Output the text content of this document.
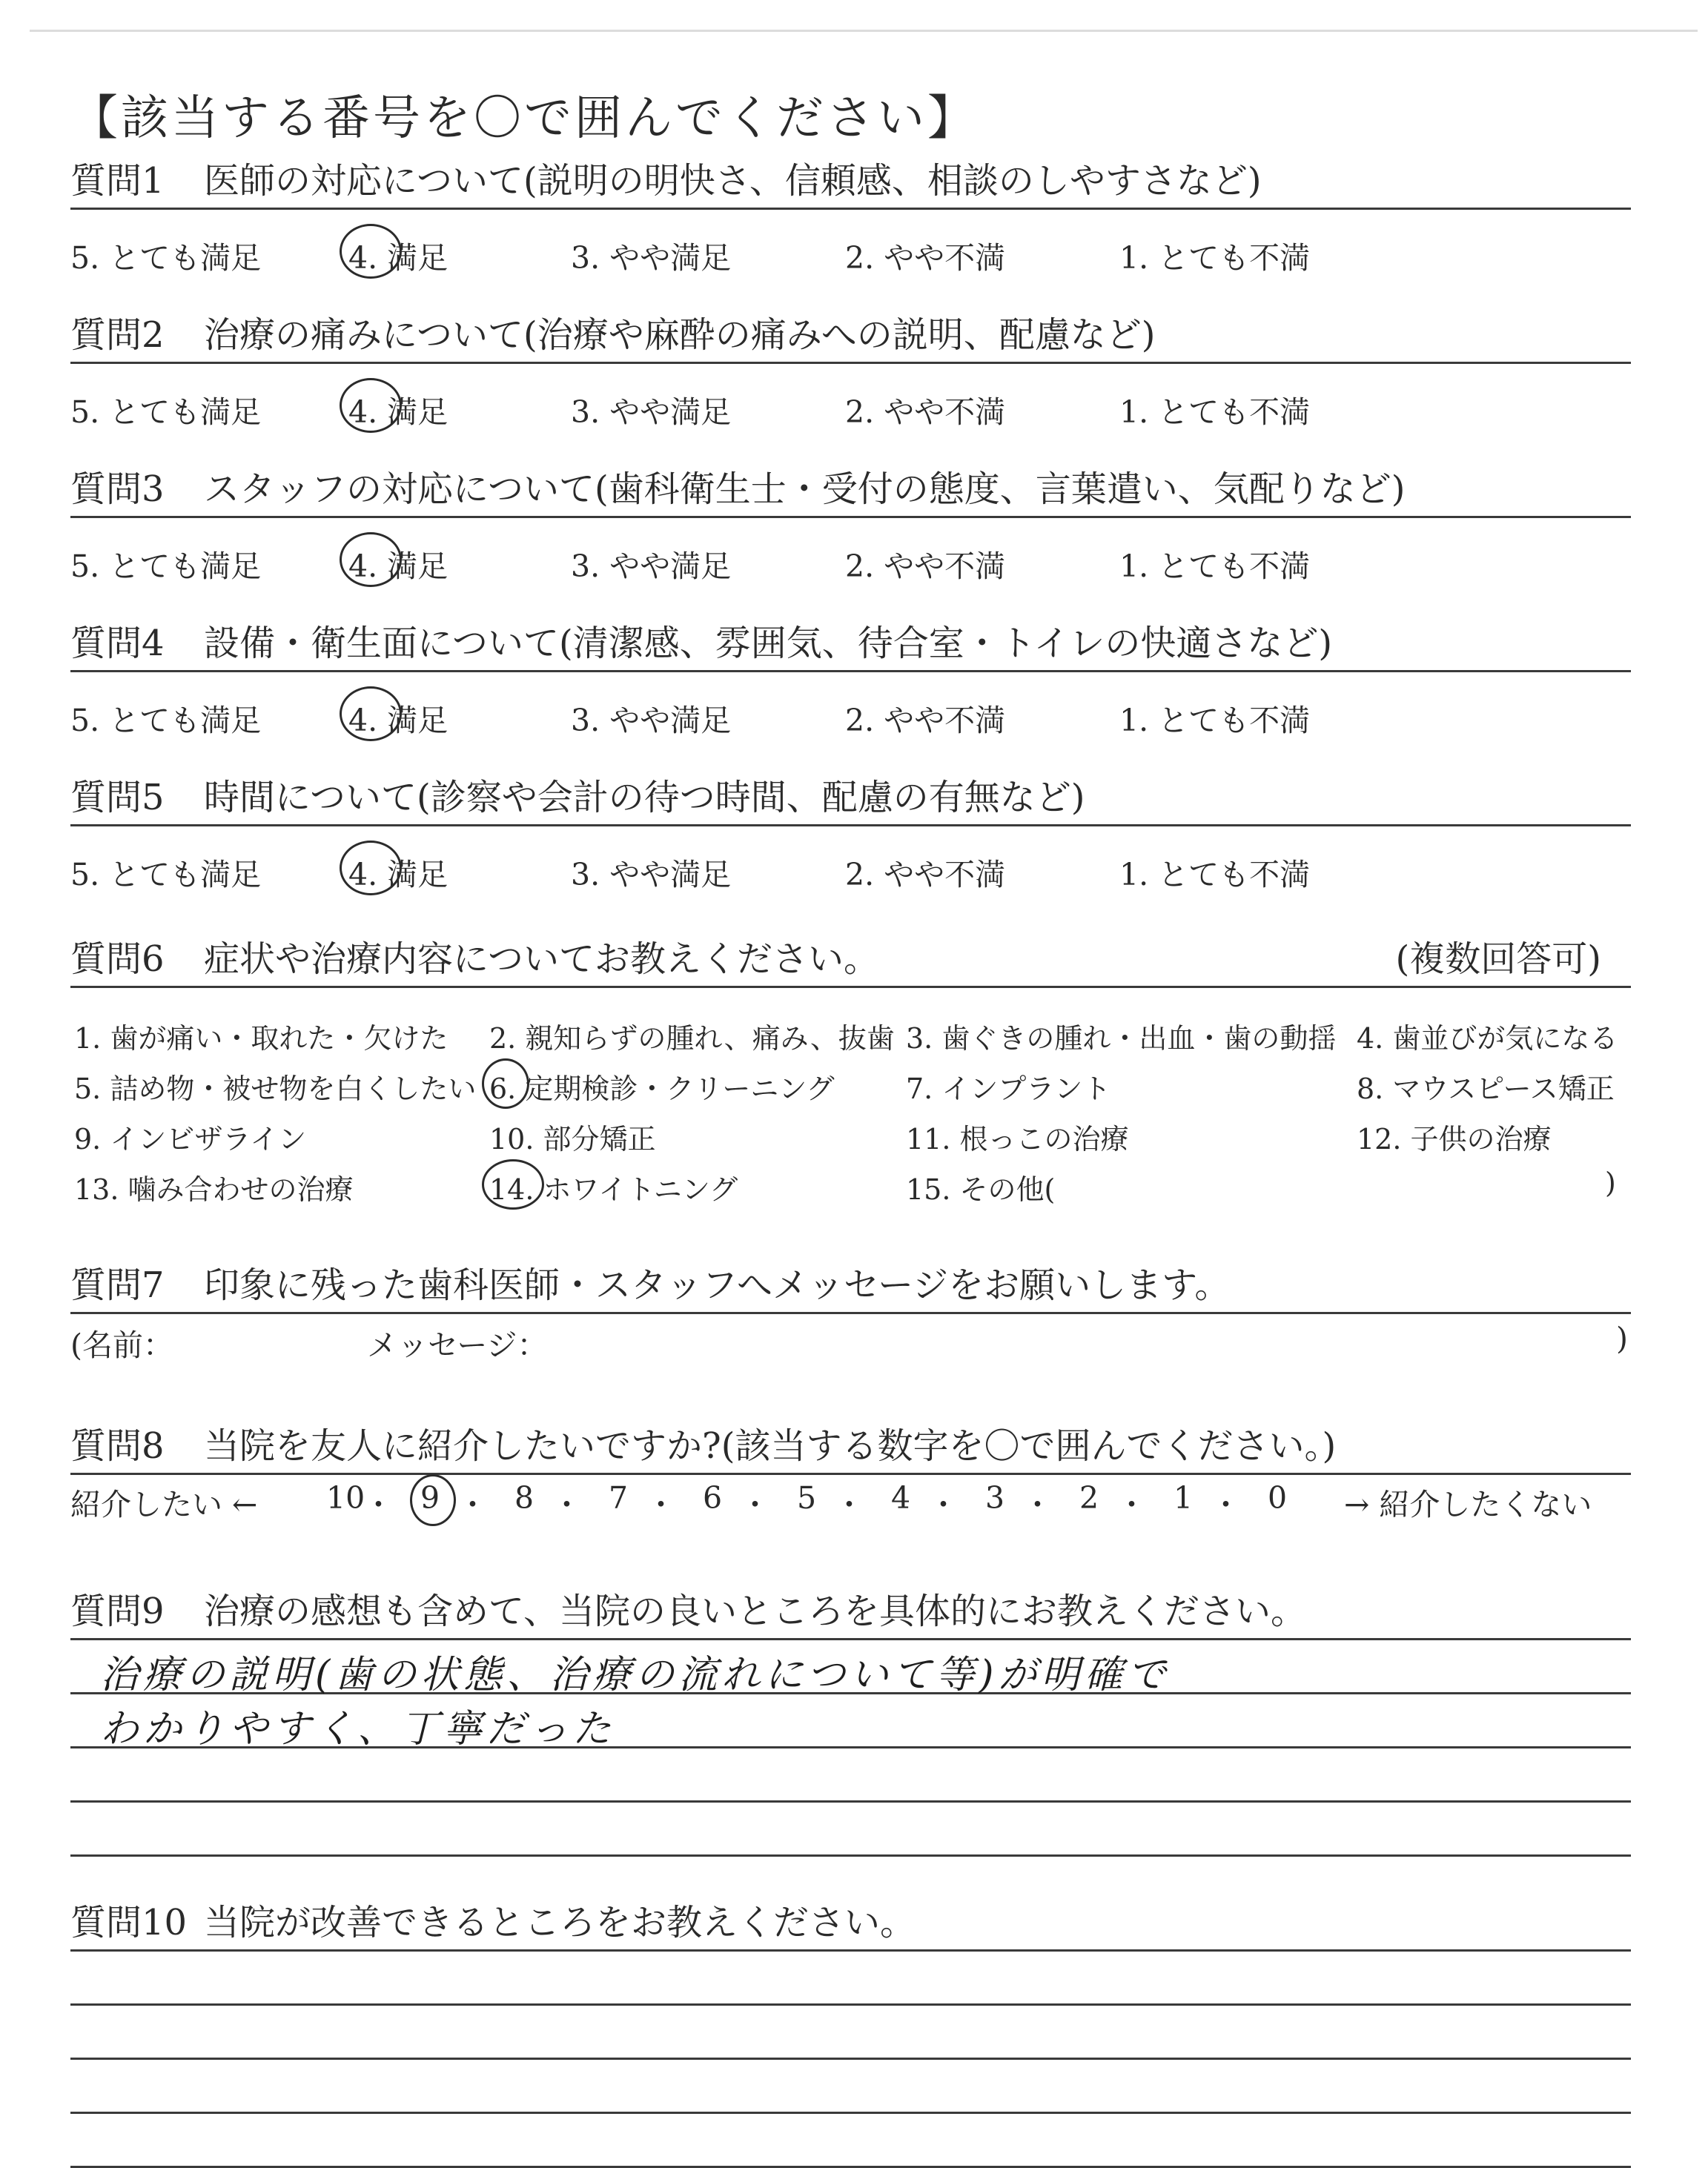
【該当する番号を〇で囲んでください】
質問1 医師の対応について(説明の明快さ、信頼感、相談のしやすさなど)
5. とても満足	4. 満足	3. やや満足	2. やや不満	1. とても不満
質問2 治療の痛みについて(治療や麻酔の痛みへの説明、配慮など)
5. とても満足	4. 満足	3. やや満足	2. やや不満	1. とても不満
質問3 スタッフの対応について(歯科衛生士・受付の態度、言葉遣い、気配りなど)
5. とても満足	4. 満足	3. やや満足	2. やや不満	1. とても不満
質問4 設備・衛生面について(清潔感、雰囲気、待合室・トイレの快適さなど)
5. とても満足	4. 満足	3. やや満足	2. やや不満	1. とても不満
質問5 時間について(診察や会計の待つ時間、配慮の有無など)
5. とても満足	4. 満足	3. やや満足	2. やや不満	1. とても不満
質問6 症状や治療内容についてお教えください。	(複数回答可)
1. 歯が痛い・取れた・欠けた 2. 親知らずの腫れ、痛み、抜歯 3. 歯ぐきの腫れ・出血・歯の動揺 4. 歯並びが気になる
5. 詰め物・被せ物を白くしたい 6. 定期検診・クリーニング	7. インプラント	8. マウスピース矯正
9. インビザライン	10. 部分矯正	11. 根っこの治療	12. 子供の治療
13. 噛み合わせの治療	14. ホワイトニング	15. その他(	)
質問7 印象に残った歯科医師・スタッフへメッセージをお願いします。
(名前：	メッセージ：	)
質問8 当院を友人に紹介したいですか?(該当する数字を〇で囲んでください。)
紹介したい ← 10
・ 9 ・ 8 ・ 7 ・ 6 ・ 5 ・ 4 ・ 3 ・ 2 ・ 1 ・ 0 → 紹介したくない
質問9 治療の感想も含めて、当院の良いところを具体的にお教えください。
治療の説明(歯の状態、治療の流れについて等)が明確で
わかりやすく、丁寧だった
質問10 当院が改善できるところをお教えください。
